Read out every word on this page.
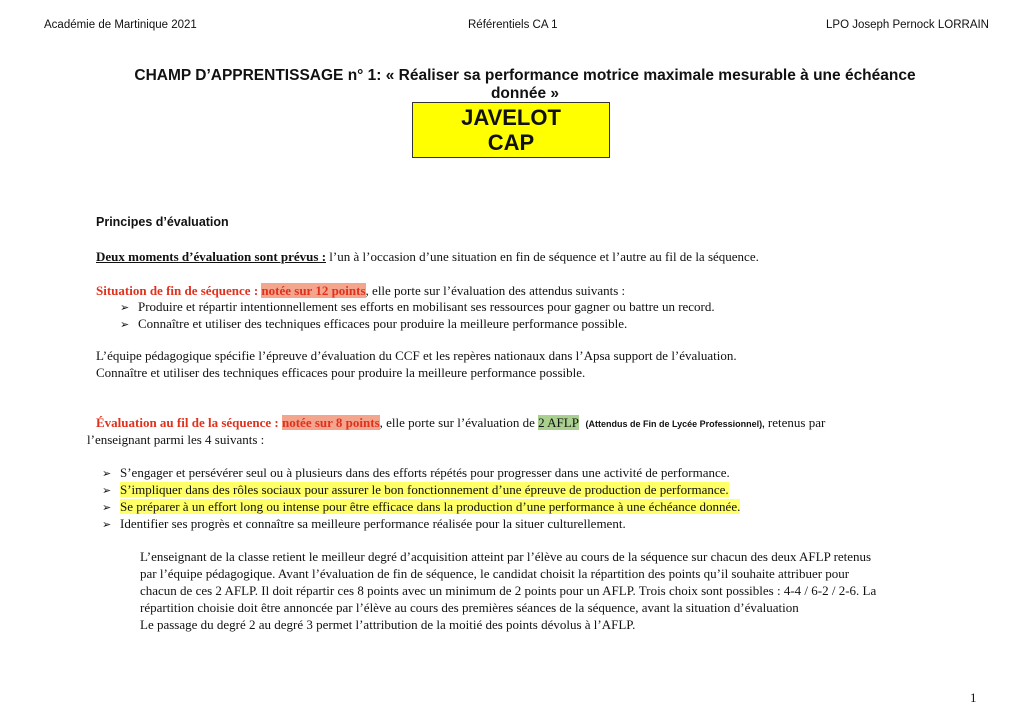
Académie de Martinique 2021	Référentiels CA 1	LPO Joseph Pernock LORRAIN
CHAMP D’APPRENTISSAGE n° 1: « Réaliser sa performance motrice maximale mesurable à une échéance
donnée »
JAVELOT
CAP
Principes d’évaluation
Deux moments d’évaluation sont prévus : l’un à l’occasion d’une situation en fin de séquence et l’autre au fil de la séquence.
Situation de fin de séquence : notée sur 12 points, elle porte sur l’évaluation des attendus suivants :
➢ Produire et répartir intentionnellement ses efforts en mobilisant ses ressources pour gagner ou battre un record.
➢ Connaître et utiliser des techniques efficaces pour produire la meilleure performance possible.
L’équipe pédagogique spécifie l’épreuve d’évaluation du CCF et les repères nationaux dans l’Apsa support de l’évaluation.
Connaître et utiliser des techniques efficaces pour produire la meilleure performance possible.
Évaluation au fil de la séquence : notée sur 8 points, elle porte sur l’évaluation de 2 AFLP (Attendus de Fin de Lycée Professionnel), retenus par
l’enseignant parmi les 4 suivants :
➢ S’engager et persévérer seul ou à plusieurs dans des efforts répétés pour progresser dans une activité de performance.
➢ S’impliquer dans des rôles sociaux pour assurer le bon fonctionnement d’une épreuve de production de performance.
➢ Se préparer à un effort long ou intense pour être efficace dans la production d’une performance à une échéance donnée.
➢ Identifier ses progrès et connaître sa meilleure performance réalisée pour la situer culturellement.
L’enseignant de la classe retient le meilleur degré d’acquisition atteint par l’élève au cours de la séquence sur chacun des deux AFLP retenus
par l’équipe pédagogique. Avant l’évaluation de fin de séquence, le candidat choisit la répartition des points qu’il souhaite attribuer pour
chacun de ces 2 AFLP. Il doit répartir ces 8 points avec un minimum de 2 points pour un AFLP. Trois choix sont possibles : 4-4 / 6-2 / 2-6. La
répartition choisie doit être annoncée par l’élève au cours des premières séances de la séquence, avant la situation d’évaluation
Le passage du degré 2 au degré 3 permet l’attribution de la moitié des points dévolus à l’AFLP.
1
